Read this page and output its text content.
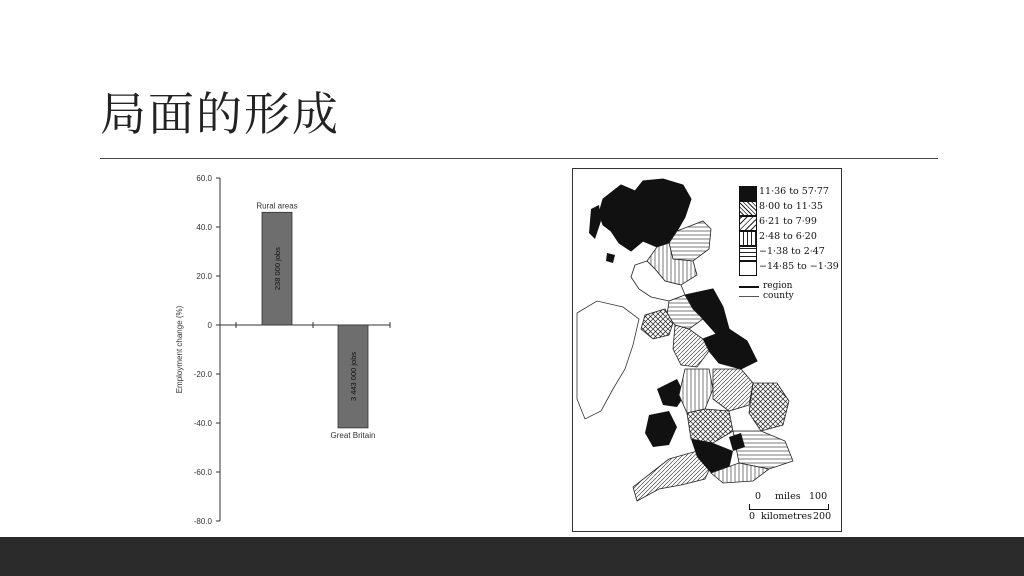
局面的形成
60.0
40.0
20.0
0
-20.0
-40.0
-60.0
-80.0
Employment change (%)
238 000 jobs
Rural areas
3 443 000 jobs
Great Britain
11·36 to 57·77
8·00 to 11·35
6·21 to 7·99
2·48 to 6·20
−1·38 to 2·47
−14·85 to −1·39
region
county
0 miles 100
0 kilometres 200
